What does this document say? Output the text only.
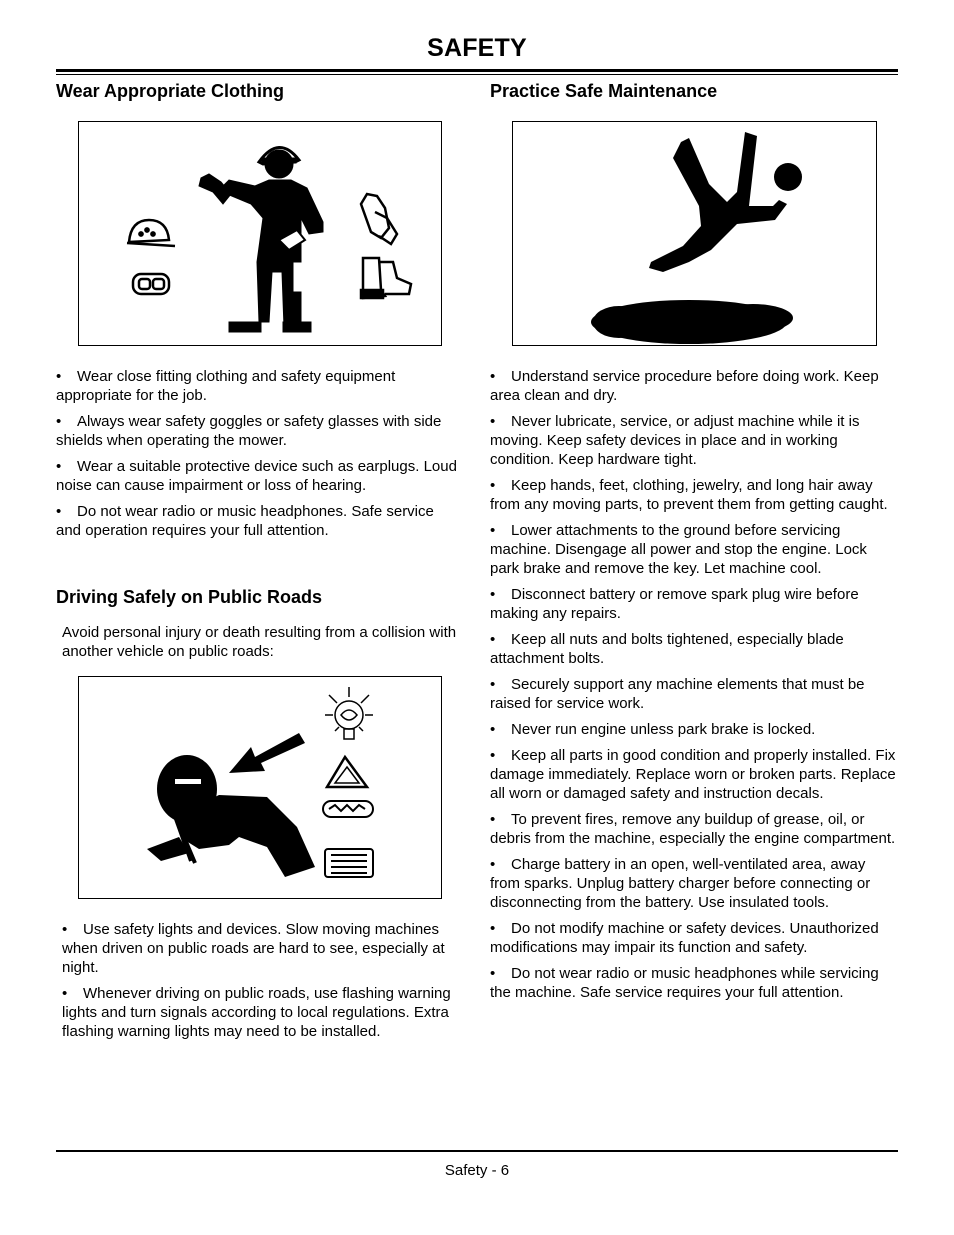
SAFETY
Wear Appropriate Clothing
• Wear close fitting clothing and safety equipment appropriate for the job.
• Always wear safety goggles or safety glasses with side shields when operating the mower.
• Wear a suitable protective device such as earplugs. Loud noise can cause impairment or loss of hearing.
• Do not wear radio or music headphones. Safe service and operation requires your full attention.
Driving Safely on Public Roads

Avoid personal injury or death resulting from a collision with another vehicle on public roads:

• Use safety lights and devices. Slow moving machines when driven on public roads are hard to see, especially at night.
• Whenever driving on public roads, use flashing warning lights and turn signals according to local regulations. Extra flashing warning lights may need to be installed.
Practice Safe Maintenance
• Understand service procedure before doing work. Keep area clean and dry.
• Never lubricate, service, or adjust machine while it is moving. Keep safety devices in place and in working condition. Keep hardware tight.
• Keep hands, feet, clothing, jewelry, and long hair away from any moving parts, to prevent them from getting caught.
• Lower attachments to the ground before servicing machine. Disengage all power and stop the engine. Lock park brake and remove the key. Let machine cool.
• Disconnect battery or remove spark plug wire before making any repairs.
• Keep all nuts and bolts tightened, especially blade attachment bolts.
• Securely support any machine elements that must be raised for service work.
• Never run engine unless park brake is locked.
• Keep all parts in good condition and properly installed. Fix damage immediately. Replace worn or broken parts. Replace all worn or damaged safety and instruction decals.
• To prevent fires, remove any buildup of grease, oil, or debris from the machine, especially the engine compartment.
• Charge battery in an open, well-ventilated area, away from sparks. Unplug battery charger before connecting or disconnecting from the battery. Use insulated tools.
• Do not modify machine or safety devices. Unauthorized modifications may impair its function and safety.
• Do not wear radio or music headphones while servicing the machine. Safe service requires your full attention.
Safety - 6
